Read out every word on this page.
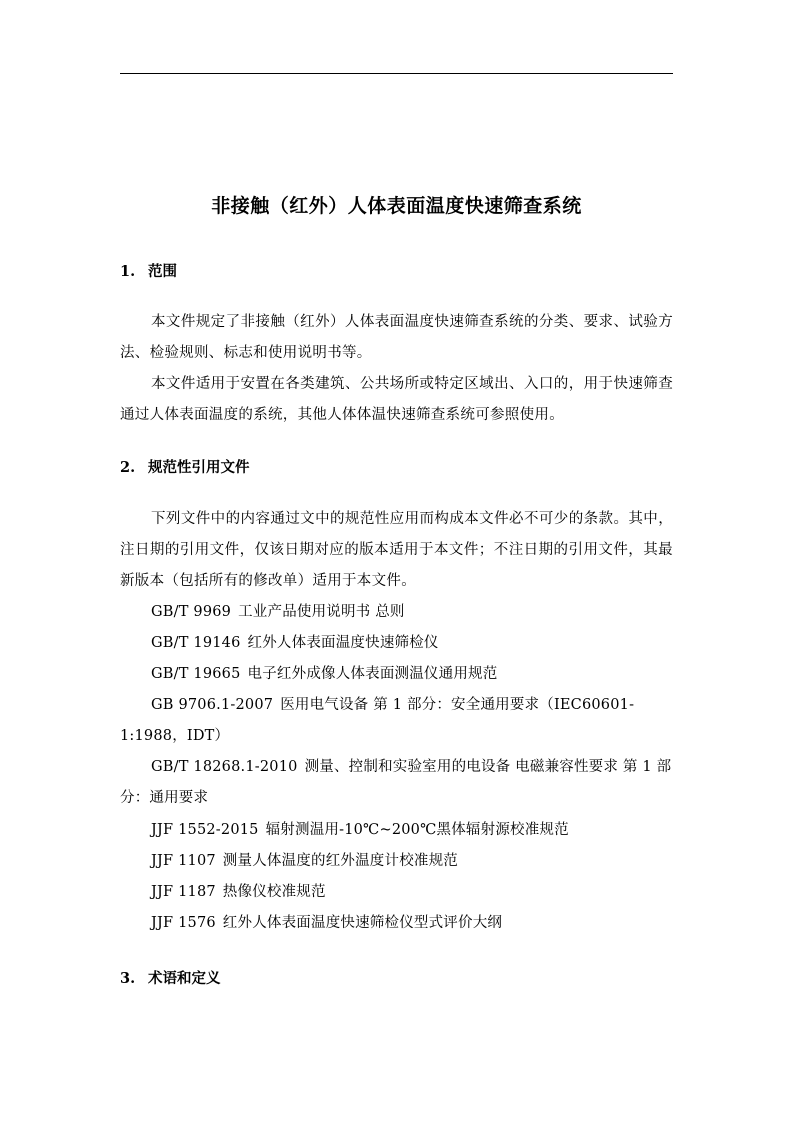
非接触（红外）人体表面温度快速筛查系统
1. 范围
本文件规定了非接触（红外）人体表面温度快速筛查系统的分类、要求、试验方法、检验规则、标志和使用说明书等。
本文件适用于安置在各类建筑、公共场所或特定区域出、入口的，用于快速筛查通过人体表面温度的系统，其他人体体温快速筛查系统可参照使用。
2. 规范性引用文件
下列文件中的内容通过文中的规范性应用而构成本文件必不可少的条款。其中，注日期的引用文件，仅该日期对应的版本适用于本文件；不注日期的引用文件，其最新版本（包括所有的修改单）适用于本文件。
GB/T 9969 工业产品使用说明书 总则
GB/T 19146 红外人体表面温度快速筛检仪
GB/T 19665 电子红外成像人体表面测温仪通用规范
GB 9706.1-2007 医用电气设备 第 1 部分：安全通用要求（IEC60601-1:1988，IDT）
GB/T 18268.1-2010 测量、控制和实验室用的电设备 电磁兼容性要求 第 1 部分：通用要求
JJF 1552-2015 辐射测温用-10℃~200℃黑体辐射源校准规范
JJF 1107 测量人体温度的红外温度计校准规范
JJF 1187 热像仪校准规范
JJF 1576 红外人体表面温度快速筛检仪型式评价大纲
3. 术语和定义
